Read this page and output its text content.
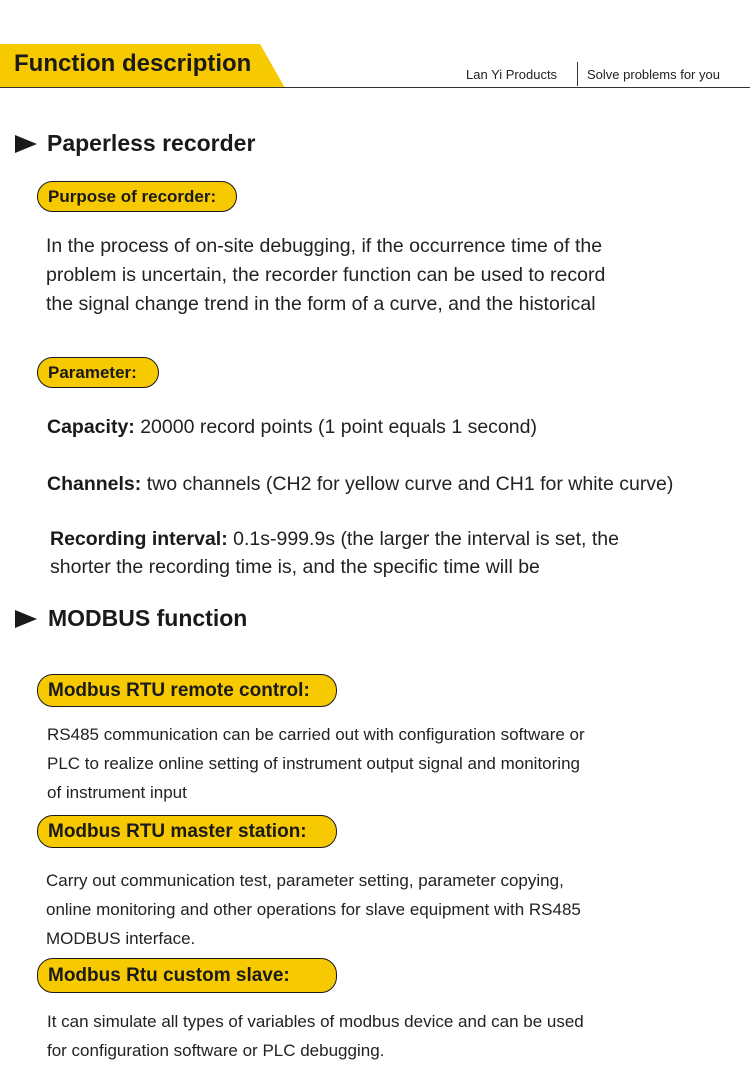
Function description	Lan Yi Products Solve problems for you
Paperless recorder
Purpose of recorder:
In the process of on-site debugging, if the occurrence time of the
problem is uncertain, the recorder function can be used to record
the signal change trend in the form of a curve, and the historical
Parameter:
Capacity: 20000 record points (1 point equals 1 second)
Channels: two channels (CH2 for yellow curve and CH1 for white curve)
Recording interval: 0.1s-999.9s (the larger the interval is set, the
shorter the recording time is, and the specific time will be
MODBUS function
Modbus RTU remote control:
RS485 communication can be carried out with configuration software or
PLC to realize online setting of instrument output signal and monitoring
of instrument input
Modbus RTU master station:
Carry out communication test, parameter setting, parameter copying,
online monitoring and other operations for slave equipment with RS485
MODBUS interface.
Modbus Rtu custom slave:
It can simulate all types of variables of modbus device and can be used
for configuration software or PLC debugging.
